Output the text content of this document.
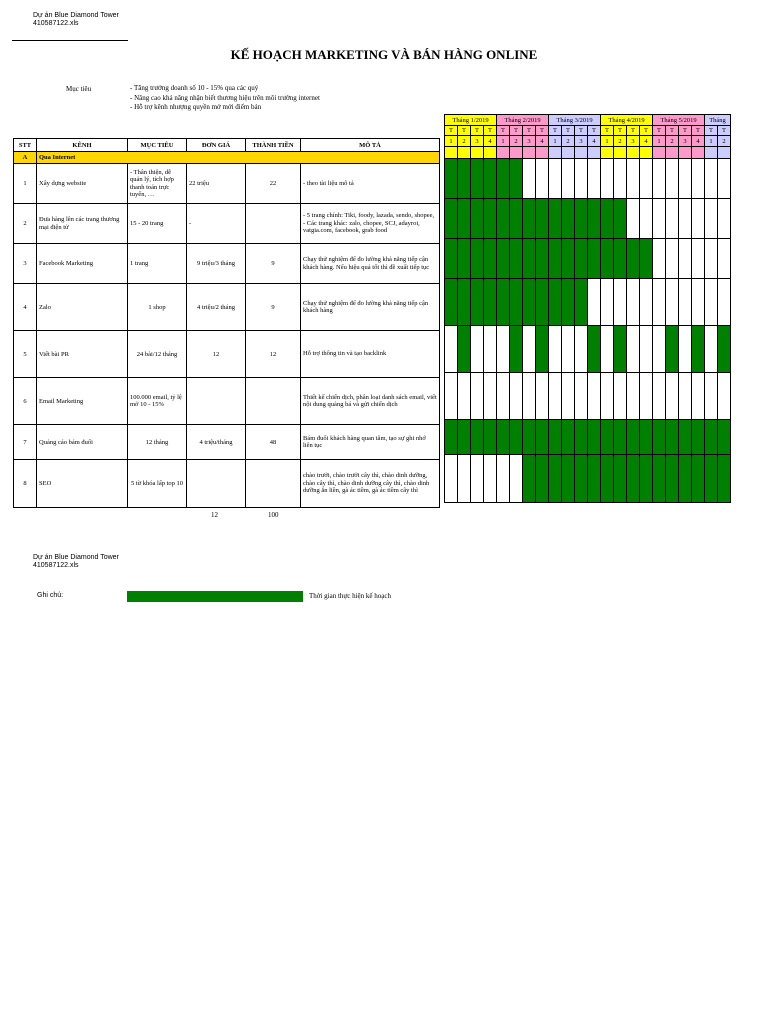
Dự án Blue Diamond Tower
410587122.xls
KẾ HOẠCH MARKETING VÀ BÁN HÀNG ONLINE
Mục tiêu	- Tăng trưởng doanh số 10 - 15% qua các quý
- Nâng cao khả năng nhận biết thương hiệu trên môi trường internet
- Hỗ trợ kênh nhượng quyền mở mới điểm bán
STT	KÊNH	MỤC TIÊU	ĐƠN GIÁ	THÀNH TIỀN	MÔ TẢ
A	Qua Internet				
1	Xây dựng website	- Thân thiện, dễ quản lý, tích hợp thanh toán trực tuyến, …	22 triệu	22	- theo tài liệu mô tả
2	Đưa hàng lên các trang thương mại điện tử	15 - 20 trang	-		- 5 trang chính: Tiki, foody, lazada, sendo, shopee, - Các trang khác: zalo, chopee, SCJ, adayroi, vatgia.com, facebook, grab food
3	Facebook Marketing	1 trang	9 triệu/3 tháng	9	Chạy thử nghiệm để đo lường khả năng tiếp cận khách hàng. Nếu hiệu quả tốt thì đề xuất tiếp tục
4	Zalo	1 shop	4 triệu/2 tháng	9	Chạy thử nghiệm để đo lường khả năng tiếp cận khách hàng
5	Viết bài PR	24 bài/12 tháng	12	12	Hỗ trợ thông tin và tạo backlink
6	Email Marketing	100.000 email, tỷ lệ mở 10 - 15%			Thiết kế chiến dịch, phân loại danh sách email, viết nội dung quảng bá và gửi chiến dịch
7	Quảng cáo bám đuổi	12 tháng	4 triệu/tháng	48	Bám đuổi khách hàng quan tâm, tạo sự ghi nhớ liên tục
8	SEO	5 từ khóa lấp top 10			chào trưởi, chào trưởi cây thì, chào dinh dưỡng, chào cây thì, chào dinh dưỡng cây thì, chào dinh dưỡng ăn liền, gà ác tiềm, gà ác tiềm cây thì
12	100
Tháng 1/2019				Tháng 2/2019				Tháng 3/2019				Tháng 4/2019				Tháng 5/2019				Tháng	
T	T	T	T	T	T	T	T	T	T	T	T	T	T	T	T	T	T	T	T	T	T
1	2	3	4	1	2	3	4	1	2	3	4	1	2	3	4	1	2	3	4	1	2

Dự án Blue Diamond Tower
410587122.xls
Ghi chú:	Thời gian thực hiện kế hoạch
